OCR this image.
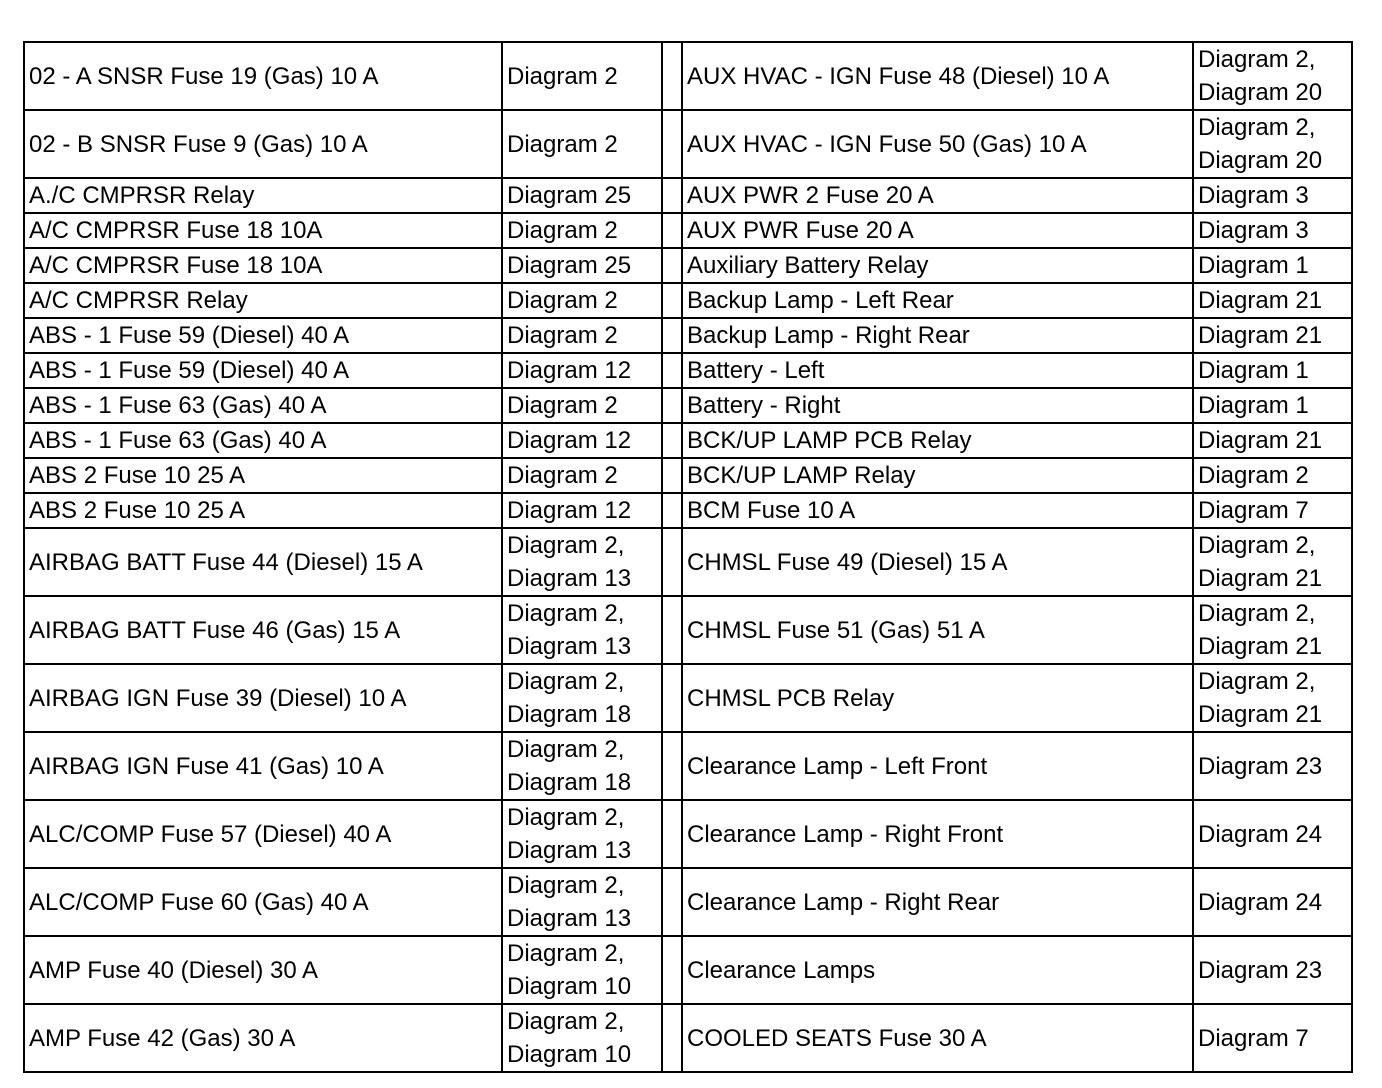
02 - A SNSR Fuse 19 (Gas) 10 A	Diagram 2		AUX HVAC - IGN Fuse 48 (Diesel) 10 A	Diagram 2,
Diagram 20

02 - B SNSR Fuse 9 (Gas) 10 A	Diagram 2		AUX HVAC - IGN Fuse 50 (Gas) 10 A	Diagram 2,
Diagram 20

A./C CMPRSR Relay	Diagram 25		AUX PWR 2 Fuse 20 A	Diagram 3

A/C CMPRSR Fuse 18 10A	Diagram 2		AUX PWR Fuse 20 A	Diagram 3

A/C CMPRSR Fuse 18 10A	Diagram 25		Auxiliary Battery Relay	Diagram 1

A/C CMPRSR Relay	Diagram 2		Backup Lamp - Left Rear	Diagram 21

ABS - 1 Fuse 59 (Diesel) 40 A	Diagram 2		Backup Lamp - Right Rear	Diagram 21

ABS - 1 Fuse 59 (Diesel) 40 A	Diagram 12		Battery - Left	Diagram 1

ABS - 1 Fuse 63 (Gas) 40 A	Diagram 2		Battery - Right	Diagram 1

ABS - 1 Fuse 63 (Gas) 40 A	Diagram 12		BCK/UP LAMP PCB Relay	Diagram 21

ABS 2 Fuse 10 25 A	Diagram 2		BCK/UP LAMP Relay	Diagram 2

ABS 2 Fuse 10 25 A	Diagram 12		BCM Fuse 10 A	Diagram 7

AIRBAG BATT Fuse 44 (Diesel) 15 A	Diagram 2,
Diagram 13		CHMSL Fuse 49 (Diesel) 15 A	Diagram 2,
Diagram 21

AIRBAG BATT Fuse 46 (Gas) 15 A	Diagram 2,
Diagram 13		CHMSL Fuse 51 (Gas) 51 A	Diagram 2,
Diagram 21

AIRBAG IGN Fuse 39 (Diesel) 10 A	Diagram 2,
Diagram 18		CHMSL PCB Relay	Diagram 2,
Diagram 21

AIRBAG IGN Fuse 41 (Gas) 10 A	Diagram 2,
Diagram 18		Clearance Lamp - Left Front	Diagram 23

ALC/COMP Fuse 57 (Diesel) 40 A	Diagram 2,
Diagram 13		Clearance Lamp - Right Front	Diagram 24

ALC/COMP Fuse 60 (Gas) 40 A	Diagram 2,
Diagram 13		Clearance Lamp - Right Rear	Diagram 24

AMP Fuse 40 (Diesel) 30 A	Diagram 2,
Diagram 10		Clearance Lamps	Diagram 23

AMP Fuse 42 (Gas) 30 A	Diagram 2,
Diagram 10		COOLED SEATS Fuse 30 A	Diagram 7
